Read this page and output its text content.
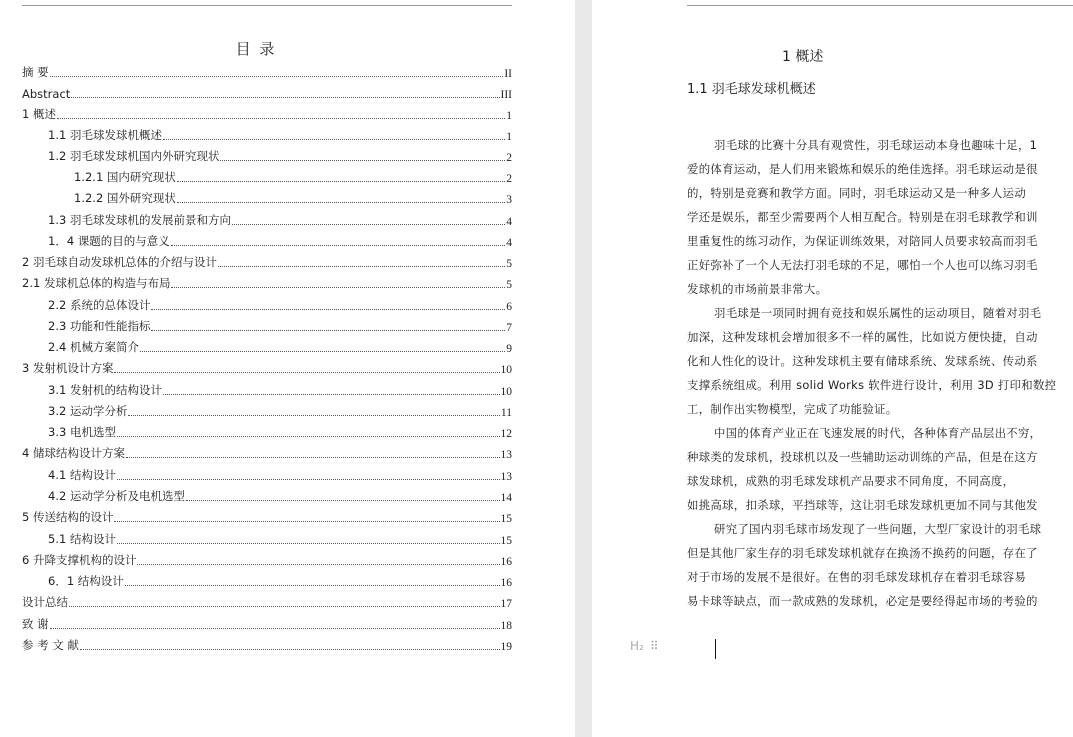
目 录
摘 要	II
Abstract	III
1 概述	1
1.1 羽毛球发球机概述	1
1.2 羽毛球发球机国内外研究现状	2
1.2.1 国内研究现状	2
1.2.2 国外研究现状	3
1.3 羽毛球发球机的发展前景和方向	4
1．4 课题的目的与意义	4
2 羽毛球自动发球机总体的介绍与设计	5
2.1 发球机总体的构造与布局	5
2.2 系统的总体设计	6
2.3 功能和性能指标	7
2.4 机械方案简介	9
3 发射机设计方案	10
3.1 发射机的结构设计	10
3.2 运动学分析	11
3.3 电机选型	12
4 储球结构设计方案	13
4.1 结构设计	13
4.2 运动学分析及电机选型	14
5 传送结构的设计	15
5.1 结构设计	15
6 升降支撑机构的设计	16
6．1 结构设计	16
设计总结	17
致 谢	18
参 考 文 献	19
1 概述
1.1 羽毛球发球机概述
羽毛球的比赛十分具有观赏性，羽毛球运动本身也趣味十足，1
爱的体育运动，是人们用来锻炼和娱乐的绝佳选择。羽毛球运动是很
的，特别是竞赛和教学方面。同时，羽毛球运动又是一种多人运动
学还是娱乐，都至少需要两个人相互配合。特别是在羽毛球教学和训
里重复性的练习动作，为保证训练效果，对陪同人员要求较高而羽毛
正好弥补了一个人无法打羽毛球的不足，哪怕一个人也可以练习羽毛
发球机的市场前景非常大。
羽毛球是一项同时拥有竞技和娱乐属性的运动项目，随着对羽毛
加深，这种发球机会增加很多不一样的属性，比如说方便快捷，自动
化和人性化的设计。这种发球机主要有储球系统、发球系统、传动系
支撑系统组成。利用 solid Works 软件进行设计，利用 3D 打印和数控
工，制作出实物模型，完成了功能验证。
中国的体育产业正在飞速发展的时代，各种体育产品层出不穷，
种球类的发球机，投球机以及一些辅助运动训练的产品，但是在这方
球发球机，成熟的羽毛球发球机产品要求不同角度，不同高度，
如挑高球，扣杀球，平挡球等，这让羽毛球发球机更加不同与其他发
研究了国内羽毛球市场发现了一些问题，大型厂家设计的羽毛球
但是其他厂家生存的羽毛球发球机就存在换汤不换药的问题，存在了
对于市场的发展不是很好。在售的羽毛球发球机存在着羽毛球容易
易卡球等缺点，而一款成熟的发球机，必定是要经得起市场的考验的
H₂ ⠿
